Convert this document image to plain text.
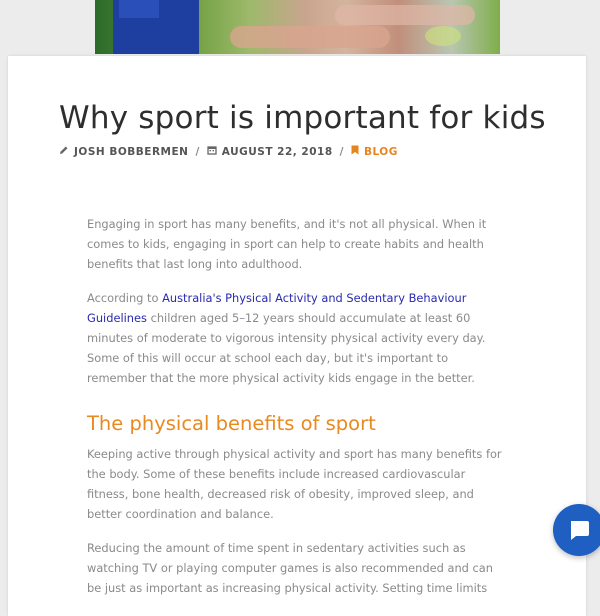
Why sport is important for kids
JOSH BOBBERMEN / AUGUST 22, 2018 / BLOG

Engaging in sport has many benefits, and it's not all physical. When it comes to kids, engaging in sport can help to create habits and health benefits that last long into adulthood.

According to Australia's Physical Activity and Sedentary Behaviour Guidelines children aged 5–12 years should accumulate at least 60 minutes of moderate to vigorous intensity physical activity every day. Some of this will occur at school each day, but it's important to remember that the more physical activity kids engage in the better.

The physical benefits of sport

Keeping active through physical activity and sport has many benefits for the body. Some of these benefits include increased cardiovascular fitness, bone health, decreased risk of obesity, improved sleep, and better coordination and balance.

Reducing the amount of time spent in sedentary activities such as watching TV or playing computer games is also recommended and can be just as important as increasing physical activity. Setting time limits
